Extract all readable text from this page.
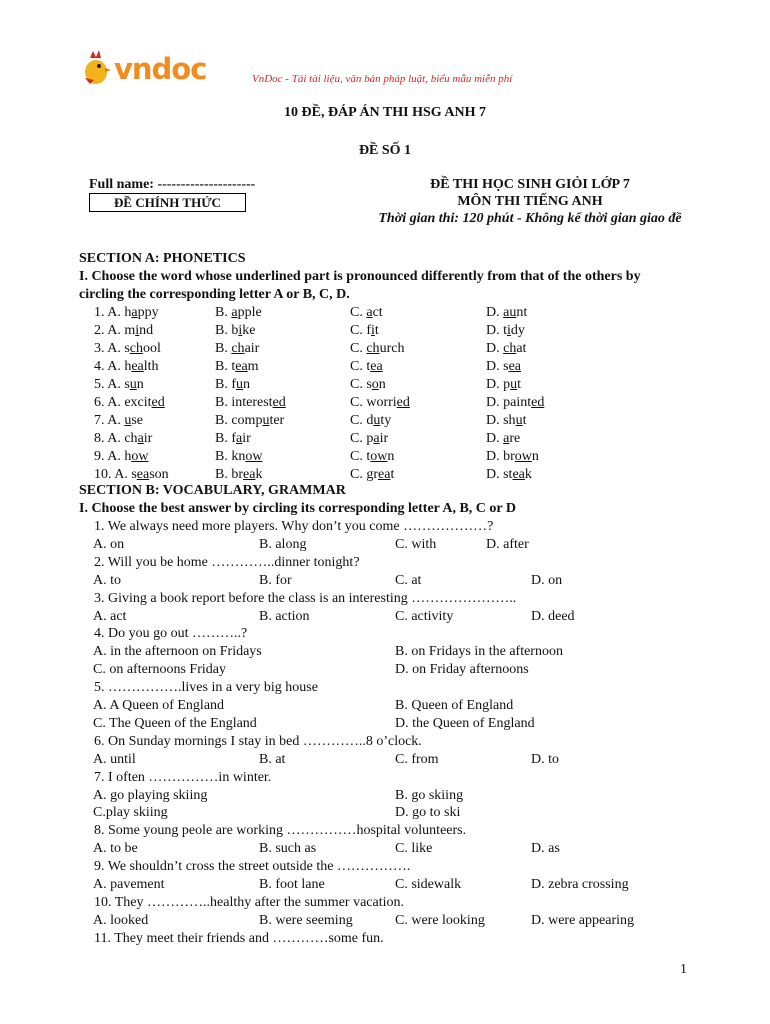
vndoc	VnDoc - Tải tài liệu, văn bản pháp luật, biểu mẫu miễn phí
10 ĐỀ, ĐÁP ÁN THI HSG ANH 7
ĐỀ SỐ 1
Full name: ---------------------
ĐỀ CHÍNH THỨC
ĐỀ THI HỌC SINH GIỎI LỚP 7
MÔN THI TIẾNG ANH
Thời gian thi: 120 phút - Không kể thời gian giao đề
SECTION A: PHONETICS
I. Choose the word whose underlined part is pronounced differently from that of the others by
circling the corresponding letter A or B, C, D.
1. A. happy	B. apple	C. act	D. aunt
2. A. mind	B. bike	C. fit	D. tidy
3. A. school	B. chair	C. church	D. chat
4. A. health	B. team	C. tea	D. sea
5. A. sun	B. fun	C. son	D. put
6. A. excited	B. interested	C. worried	D. painted
7. A. use	B. computer	C. duty	D. shut
8. A. chair	B. fair	C. pair	D. are
9. A. how	B. know	C. town	D. brown
10. A. season	B. break	C. great	D. steak
SECTION B: VOCABULARY, GRAMMAR
I. Choose the best answer by circling its corresponding letter A, B, C or D
1. We always need more players. Why don’t you come ………………?
A. on	B. along	C. with	D. after
2. Will you be home …………..dinner tonight?
A. to	B. for	C. at	D. on
3. Giving a book report before the class is an interesting …………………..
A. act	B. action	C. activity	D. deed
4. Do you go out ………..?
A. in the afternoon on Fridays	B. on Fridays in the afternoon
C. on afternoons Friday	D. on Friday afternoons
5. …………….lives in a very big house
A. A Queen of England	B. Queen of England
C. The Queen of the England	D. the Queen of England
6. On Sunday mornings I stay in bed …………..8 o’clock.
A. until	B. at	C. from	D. to
7. I often ……………in winter.
A. go playing skiing	B. go skiing
C.play skiing	D. go to ski
8. Some young peole are working ……………hospital volunteers.
A. to be	B. such as	C. like	D. as
9. We shouldn’t cross the street outside the …………….
A. pavement	B. foot lane	C. sidewalk	D. zebra crossing
10. They …………..healthy after the summer vacation.
A. looked	B. were seeming	C. were looking	D. were appearing
11. They meet their friends and …………some fun.
1
